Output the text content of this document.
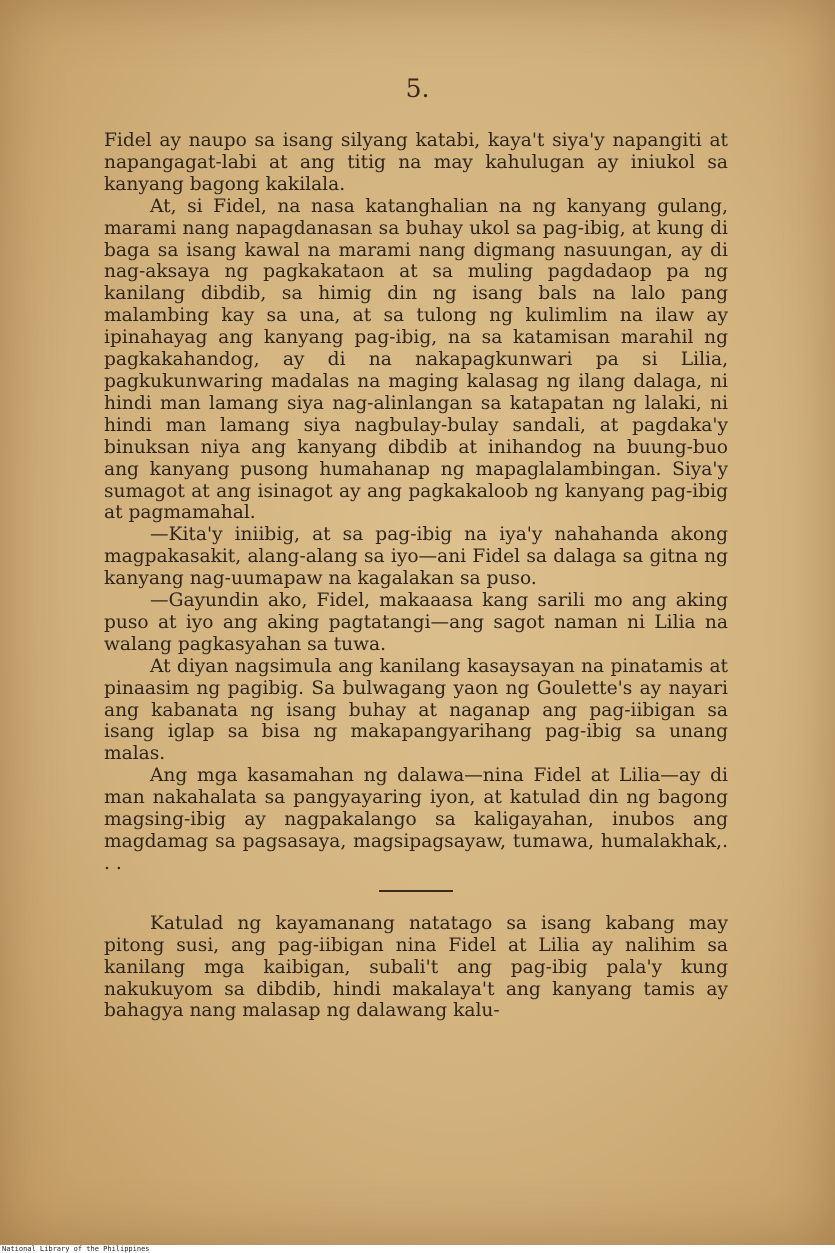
5.

Fidel ay naupo sa isang silyang katabi, kaya't siya'y napangiti at napangagat-labi at ang titig na may kahulugan ay iniukol sa kanyang bagong kakilala.

At, si Fidel, na nasa katanghalian na ng kanyang gulang, marami nang napagdanasan sa buhay ukol sa pag-ibig, at kung di baga sa isang kawal na marami nang digmang nasuungan, ay di nag-aksaya ng pagkakataon at sa muling pagdadaop pa ng kanilang dibdib, sa himig din ng isang bals na lalo pang malambing kay sa una, at sa tulong ng kulimlim na ilaw ay ipinahayag ang kanyang pag-ibig, na sa katamisan marahil ng pagkakahandog, ay di na nakapagkunwari pa si Lilia, pagkukunwaring madalas na maging kalasag ng ilang dalaga, ni hindi man lamang siya nag-alinlangan sa katapatan ng lalaki, ni hindi man lamang siya nagbulay-bulay sandali, at pagdaka'y binuksan niya ang kanyang dibdib at inihandog na buung-buo ang kanyang pusong humahanap ng mapaglalambingan. Siya'y sumagot at ang isinagot ay ang pagkakaloob ng kanyang pag-ibig at pagmamahal.

—Kita'y iniibig, at sa pag-ibig na iya'y nahahanda akong magpakasakit, alang-alang sa iyo—ani Fidel sa dalaga sa gitna ng kanyang nag-uumapaw na kagalakan sa puso.

—Gayundin ako, Fidel, makaaasa kang sarili mo ang aking puso at iyo ang aking pagtatangi—ang sagot naman ni Lilia na walang pagkasyahan sa tuwa.

At diyan nagsimula ang kanilang kasaysayan na pinatamis at pinaasim ng pagibig. Sa bulwagang yaon ng Goulette's ay nayari ang kabanata ng isang buhay at naganap ang pag-iibigan sa isang iglap sa bisa ng makapangyarihang pag-ibig sa unang malas.

Ang mga kasamahan ng dalawa—nina Fidel at Lilia—ay di man nakahalata sa pangyayaring iyon, at katulad din ng bagong magsing-ibig ay nagpakalango sa kaligayahan, inubos ang magdamag sa pagsasaya, magsipagsayaw, tumawa, humalakhak,. . .

Katulad ng kayamanang natatago sa isang kabang may pitong susi, ang pag-iibigan nina Fidel at Lilia ay nalihim sa kanilang mga kaibigan, subali't ang pag-ibig pala'y kung nakukuyom sa dibdib, hindi makalaya't ang kanyang tamis ay bahagya nang malasap ng dalawang kalu-

National Library of the Philippines
